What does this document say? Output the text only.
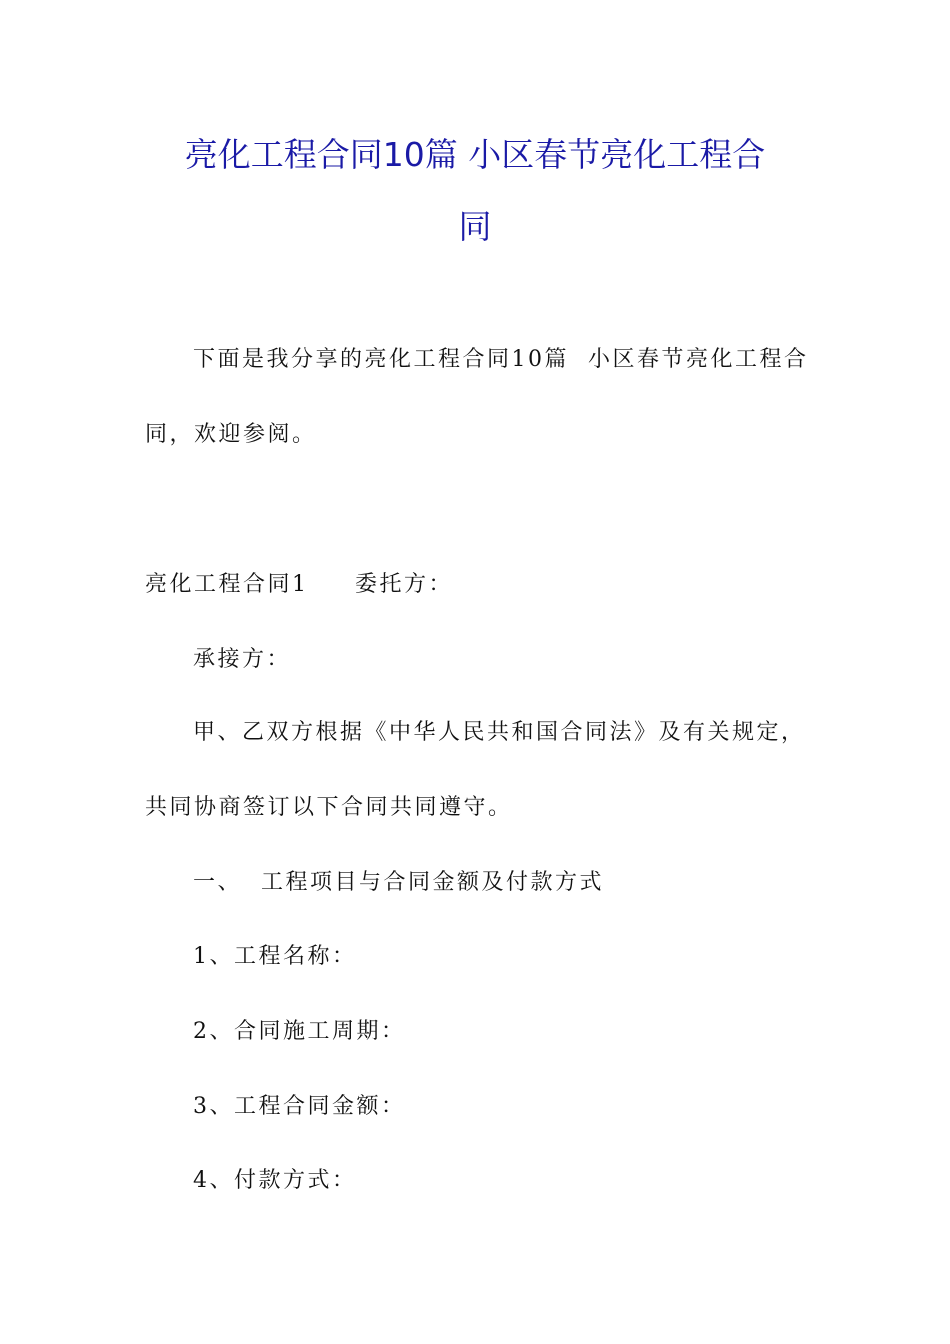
亮化工程合同10篇 小区春节亮化工程合
同
下面是我分享的亮化工程合同10篇  小区春节亮化工程合
同，欢迎参阅。
亮化工程合同1 委托方：
承接方：
甲、乙双方根据《中华人民共和国合同法》及有关规定，
共同协商签订以下合同共同遵守。
一、  工程项目与合同金额及付款方式
1、工程名称：
2、合同施工周期：
3、工程合同金额：
4、付款方式：
